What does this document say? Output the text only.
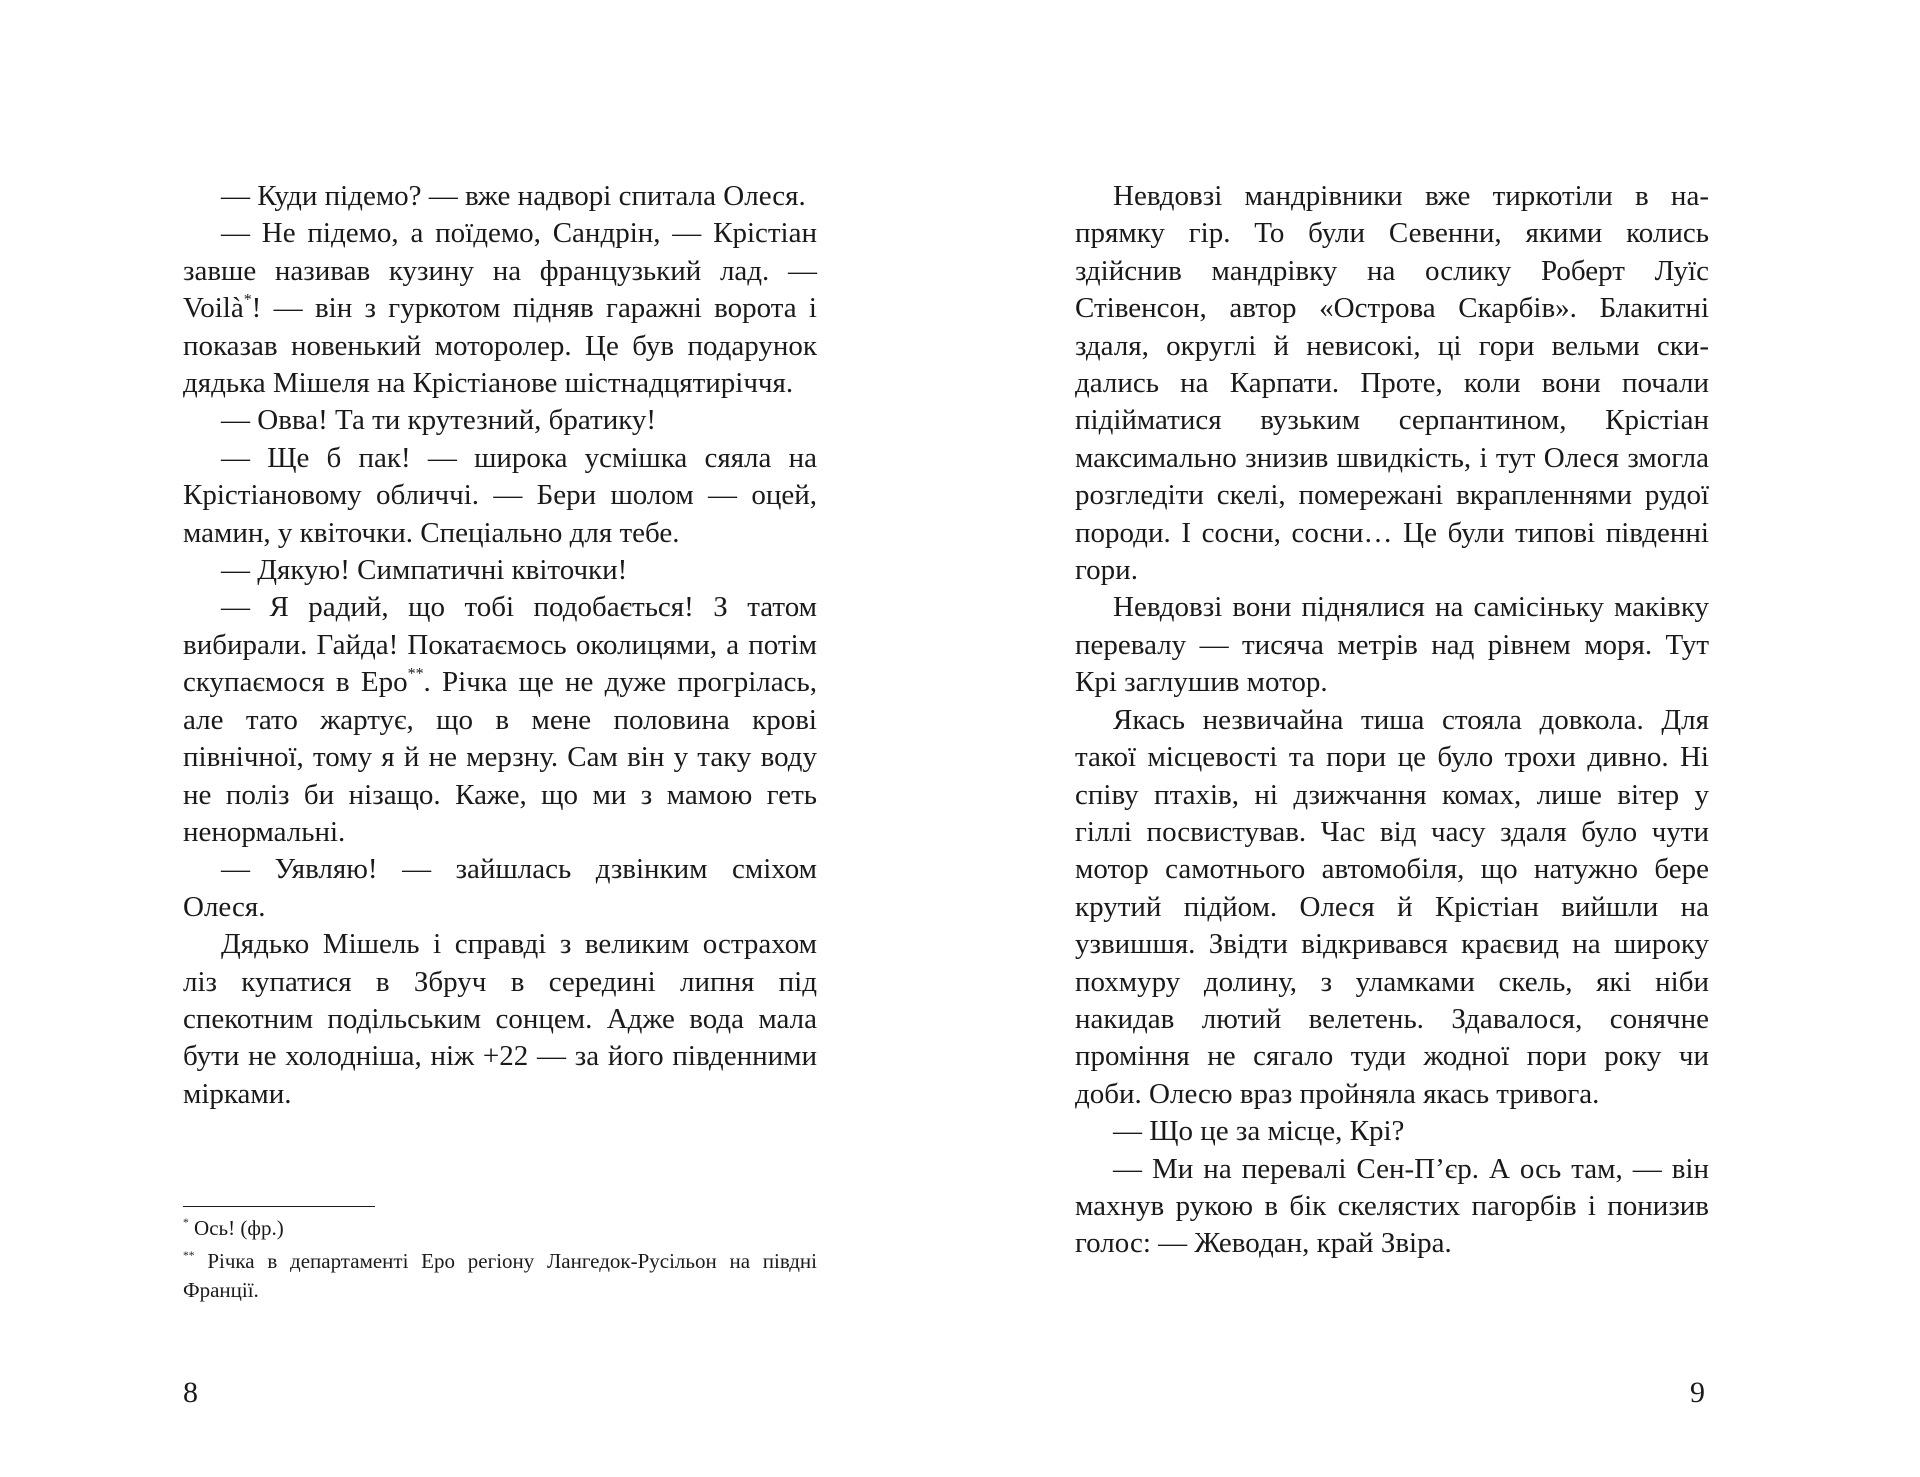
— Куди підемо? — вже надворі спитала Олеся.

— Не підемо, а поїдемо, Сандрін, — Крістіан завше називав кузину на французький лад. — Voilà*! — він з гуркотом підняв гаражні ворота і показав новенький моторолер. Це був подарунок дядька Мішеля на Крістіанове шістнадцятиріччя.

— Овва! Та ти крутезний, братику!

— Ще б пак! — широка усмішка сяяла на Крістіановому обличчі. — Бери шолом — оцей, мамин, у квіточки. Спеціально для тебе.

— Дякую! Симпатичні квіточки!

— Я радий, що тобі подобається! З татом вибирали. Гайда! Покатаємось околицями, а потім скупаємося в Еро**. Річка ще не дуже прогрілась, але тато жартує, що в мене половина крові північної, тому я й не мерзну. Сам він у таку воду не поліз би нізащо. Каже, що ми з мамою геть ненормальні.

— Уявляю! — зайшлась дзвінким сміхом Олеся.

Дядько Мішель і справді з великим острахом ліз купатися в Збруч в середині липня під спекотним подільським сонцем. Адже вода мала бути не холодніша, ніж +22 — за його південними мірками.

* Ось! (фр.)

** Річка в департаменті Еро регіону Лангедок-Русільон на півдні Франції.

8

Невдовзі мандрівники вже тиркотіли в напрямку гір. То були Севенни, якими колись здійснив мандрівку на ослику Роберт Луїс Стівенсон, автор «Острова Скарбів». Блакитні здаля, округлі й невисокі, ці гори вельми скидались на Карпати. Проте, коли вони почали підійматися вузьким серпантином, Крістіан максимально знизив швидкість, і тут Олеся змогла розгледіти скелі, помережані вкрапленнями рудої породи. І сосни, сосни… Це були типові південні гори.

Невдовзі вони піднялися на самісіньку маківку перевалу — тисяча метрів над рівнем моря. Тут Крі заглушив мотор.

Якась незвичайна тиша стояла довкола. Для такої місцевості та пори це було трохи дивно. Ні співу птахів, ні дзижчання комах, лише вітер у гіллі посвистував. Час від часу здаля було чути мотор самотнього автомобіля, що натужно бере крутий підйом. Олеся й Крістіан вийшли на узвишшя. Звідти відкривався краєвид на широку похмуру долину, з уламками скель, які ніби накидав лютий велетень. Здавалося, сонячне проміння не сягало туди жодної пори року чи доби. Олесю враз пройняла якась тривога.

— Що це за місце, Крі?

— Ми на перевалі Сен-П’єр. А ось там, — він махнув рукою в бік скелястих пагорбів і понизив голос: — Жеводан, край Звіра.

9
